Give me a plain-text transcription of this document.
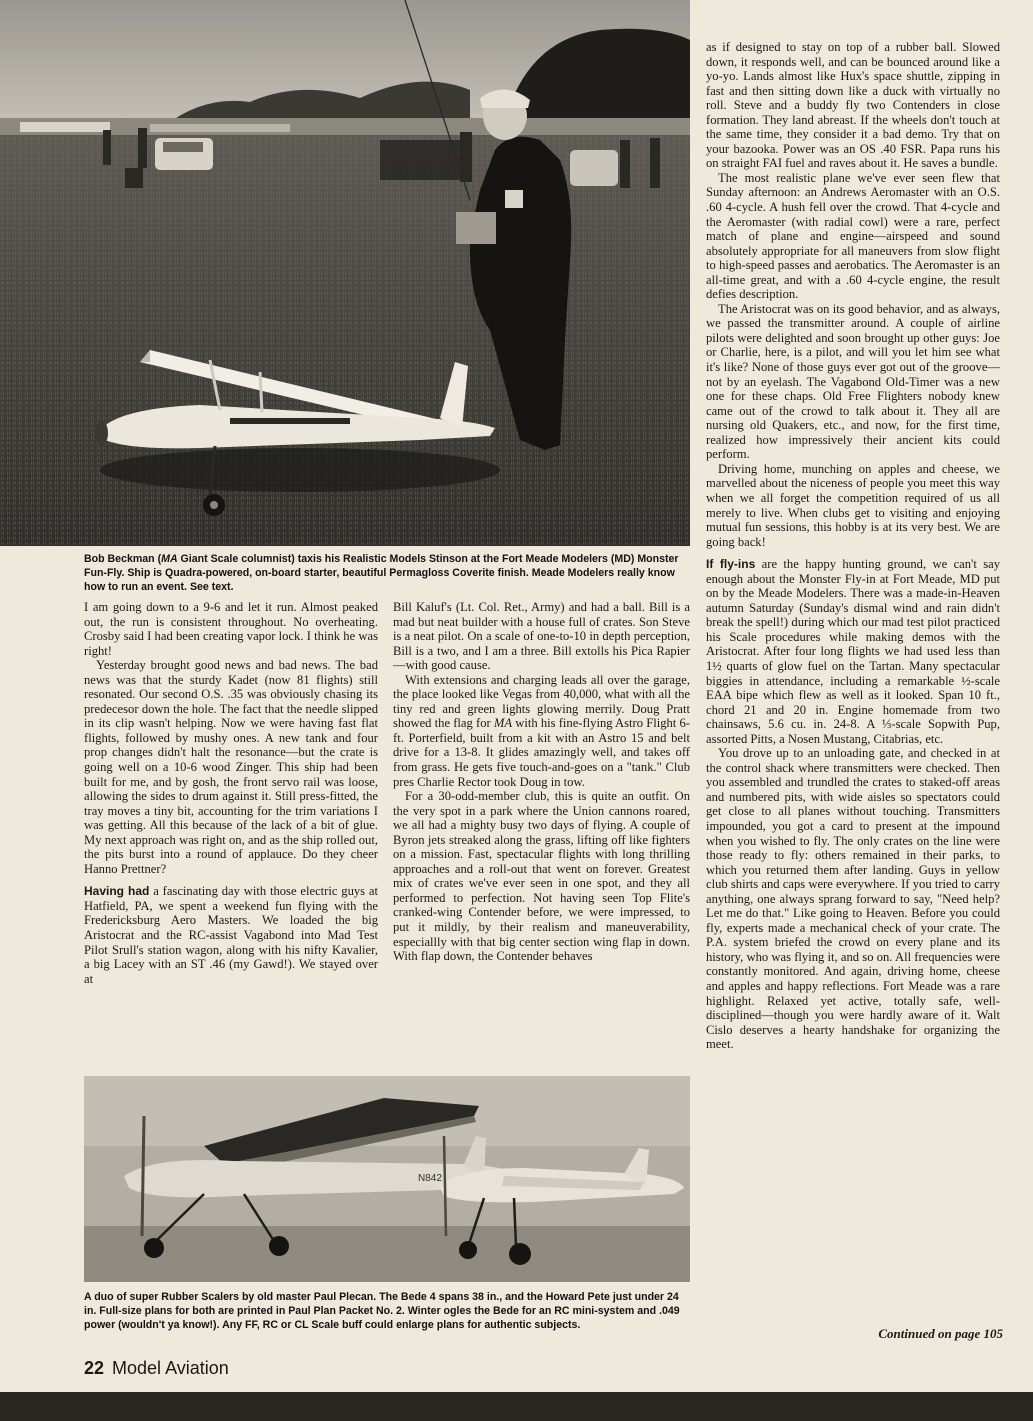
Bob Beckman (MA Giant Scale columnist) taxis his Realistic Models Stinson at the Fort Meade Modelers (MD) Monster Fun-Fly. Ship is Quadra-powered, on-board starter, beautiful Permagloss Coverite finish. Meade Modelers really know how to run an event. See text.

I am going down to a 9-6 and let it run. Almost peaked out, the run is consistent throughout. No overheating. Crosby said I had been creating vapor lock. I think he was right!

Yesterday brought good news and bad news. The bad news was that the sturdy Kadet (now 81 flights) still resonated. Our second O.S. .35 was obviously chasing its predecesor down the hole. The fact that the needle slipped in its clip wasn't helping. Now we were having fast flat flights, followed by mushy ones. A new tank and four prop changes didn't halt the resonance—but the crate is going well on a 10-6 wood Zinger. This ship had been built for me, and by gosh, the front servo rail was loose, allowing the sides to drum against it. Still press-fitted, the tray moves a tiny bit, accounting for the trim variations I was getting. All this because of the lack of a bit of glue. My next approach was right on, and as the ship rolled out, the pits burst into a round of applauce. Do they cheer Hanno Prettner?

Having had a fascinating day with those electric guys at Hatfield, PA, we spent a weekend fun flying with the Fredericksburg Aero Masters. We loaded the big Aristocrat and the RC-assist Vagabond into Mad Test Pilot Srull's station wagon, along with his nifty Kavalier, a big Lacey with an ST .46 (my Gawd!). We stayed over at

Bill Kaluf's (Lt. Col. Ret., Army) and had a ball. Bill is a mad but neat builder with a house full of crates. Son Steve is a neat pilot. On a scale of one-to-10 in depth perception, Bill is a two, and I am a three. Bill extolls his Pica Rapier—with good cause.

With extensions and charging leads all over the garage, the place looked like Vegas from 40,000, what with all the tiny red and green lights glowing merrily. Doug Pratt showed the flag for MA with his fine-flying Astro Flight 6-ft. Porterfield, built from a kit with an Astro 15 and belt drive for a 13-8. It glides amazingly well, and takes off from grass. He gets five touch-and-goes on a "tank." Club pres Charlie Rector took Doug in tow.

For a 30-odd-member club, this is quite an outfit. On the very spot in a park where the Union cannons roared, we all had a mighty busy two days of flying. A couple of Byron jets streaked along the grass, lifting off like fighters on a mission. Fast, spectacular flights with long thrilling approaches and a roll-out that went on forever. Greatest mix of crates we've ever seen in one spot, and they all performed to perfection. Not having seen Top Flite's cranked-wing Contender before, we were impressed, to put it mildly, by their realism and maneuverability, especiallly with that big center section wing flap in down. With flap down, the Contender behaves

as if designed to stay on top of a rubber ball. Slowed down, it responds well, and can be bounced around like a yo-yo. Lands almost like Hux's space shuttle, zipping in fast and then sitting down like a duck with virtually no roll. Steve and a buddy fly two Contenders in close formation. They land abreast. If the wheels don't touch at the same time, they consider it a bad demo. Try that on your bazooka. Power was an OS .40 FSR. Papa runs his on straight FAI fuel and raves about it. He saves a bundle.

The most realistic plane we've ever seen flew that Sunday afternoon: an Andrews Aeromaster with an O.S. .60 4-cycle. A hush fell over the crowd. That 4-cycle and the Aeromaster (with radial cowl) were a rare, perfect match of plane and engine—airspeed and sound absolutely appropriate for all maneuvers from slow flight to high-speed passes and aerobatics. The Aeromaster is an all-time great, and with a .60 4-cycle engine, the result defies description.

The Aristocrat was on its good behavior, and as always, we passed the transmitter around. A couple of airline pilots were delighted and soon brought up other guys: Joe or Charlie, here, is a pilot, and will you let him see what it's like? None of those guys ever got out of the groove—not by an eyelash. The Vagabond Old-Timer was a new one for these chaps. Old Free Flighters nobody knew came out of the crowd to talk about it. They all are nursing old Quakers, etc., and now, for the first time, realized how impressively their ancient kits could perform.

Driving home, munching on apples and cheese, we marvelled about the niceness of people you meet this way when we all forget the competition required of us all merely to live. When clubs get to visiting and enjoying mutual fun sessions, this hobby is at its very best. We are going back!

If fly-ins are the happy hunting ground, we can't say enough about the Monster Fly-in at Fort Meade, MD put on by the Meade Modelers. There was a made-in-Heaven autumn Saturday (Sunday's dismal wind and rain didn't break the spell!) during which our mad test pilot practiced his Scale procedures while making demos with the Aristocrat. After four long flights we had used less than 1½ quarts of glow fuel on the Tartan. Many spectacular biggies in attendance, including a remarkable ½-scale EAA bipe which flew as well as it looked. Span 10 ft., chord 21 and 20 in. Engine homemade from two chainsaws, 5.6 cu. in. 24-8. A ⅓-scale Sopwith Pup, assorted Pitts, a Nosen Mustang, Citabrias, etc.

You drove up to an unloading gate, and checked in at the control shack where transmitters were checked. Then you assembled and trundled the crates to staked-off areas and numbered pits, with wide aisles so spectators could get close to all planes without touching. Transmitters impounded, you got a card to present at the impound when you wished to fly. The only crates on the line were those ready to fly: others remained in their parks, to which you returned them after landing. Guys in yellow club shirts and caps were everywhere. If you tried to carry anything, one always sprang forward to say, "Need help? Let me do that." Like going to Heaven. Before you could fly, experts made a mechanical check of your crate. The P.A. system briefed the crowd on every plane and its history, who was flying it, and so on. All frequencies were constantly monitored. And again, driving home, cheese and apples and happy reflections. Fort Meade was a rare highlight. Relaxed yet active, totally safe, well-disciplined—though you were hardly aware of it. Walt Cislo deserves a hearty handshake for organizing the meet.

N842
A duo of super Rubber Scalers by old master Paul Plecan. The Bede 4 spans 38 in., and the Howard Pete just under 24 in. Full-size plans for both are printed in Paul Plan Packet No. 2. Winter ogles the Bede for an RC mini-system and .049 power (wouldn't ya know!). Any FF, RC or CL Scale buff could enlarge plans for authentic subjects.
Continued on page 105
22 Model Aviation
